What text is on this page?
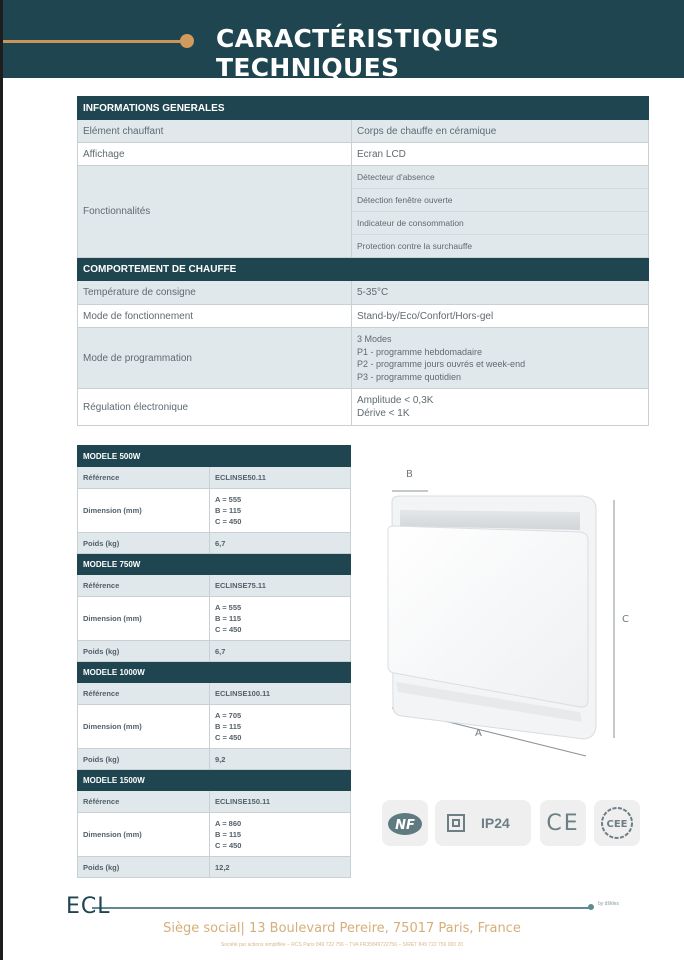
CARACTÉRISTIQUES TECHNIQUES
INFORMATIONS GENERALES	
Elément chauffant	Corps de chauffe en céramique
Affichage	Ecran LCD
Fonctionnalités	Détecteur d'absence
Détection fenêtre ouverte
Indicateur de consommation
Protection contre la surchauffe

COMPORTEMENT DE CHAUFFE	
Température de consigne	5-35°C
Mode de fonctionnement	Stand-by/Eco/Confort/Hors-gel
Mode de programmation	3 Modes
P1 - programme hebdomadaire
P2 - programme jours ouvrés et week-end
P3 - programme quotidien

Régulation électronique	Amplitude < 0,3K
Dérive < 1K
MODELE 500W	
Référence	ECLINSE50.11
Dimension (mm)	A = 555
B = 115
C = 450

Poids (kg)	6,7
MODELE 750W	
Référence	ECLINSE75.11
Dimension (mm)	A = 555
B = 115
C = 450

Poids (kg)	6,7
MODELE 1000W	
Référence	ECLINSE100.11
Dimension (mm)	A = 705
B = 115
C = 450

Poids (kg)	9,2
MODELE 1500W	
Référence	ECLINSE150.11
Dimension (mm)	A = 860
B = 115
C = 450

Poids (kg)	12,2
B
C
A
NF	IP24 CE	CEE
ECL	by dškles
Siège social| 13 Boulevard Pereire, 75017 Paris, France
Société par actions simplifiée – RCS Paris 849 722 756 – TVA FR35849722756 – SIRET 849 722 756 000 20
